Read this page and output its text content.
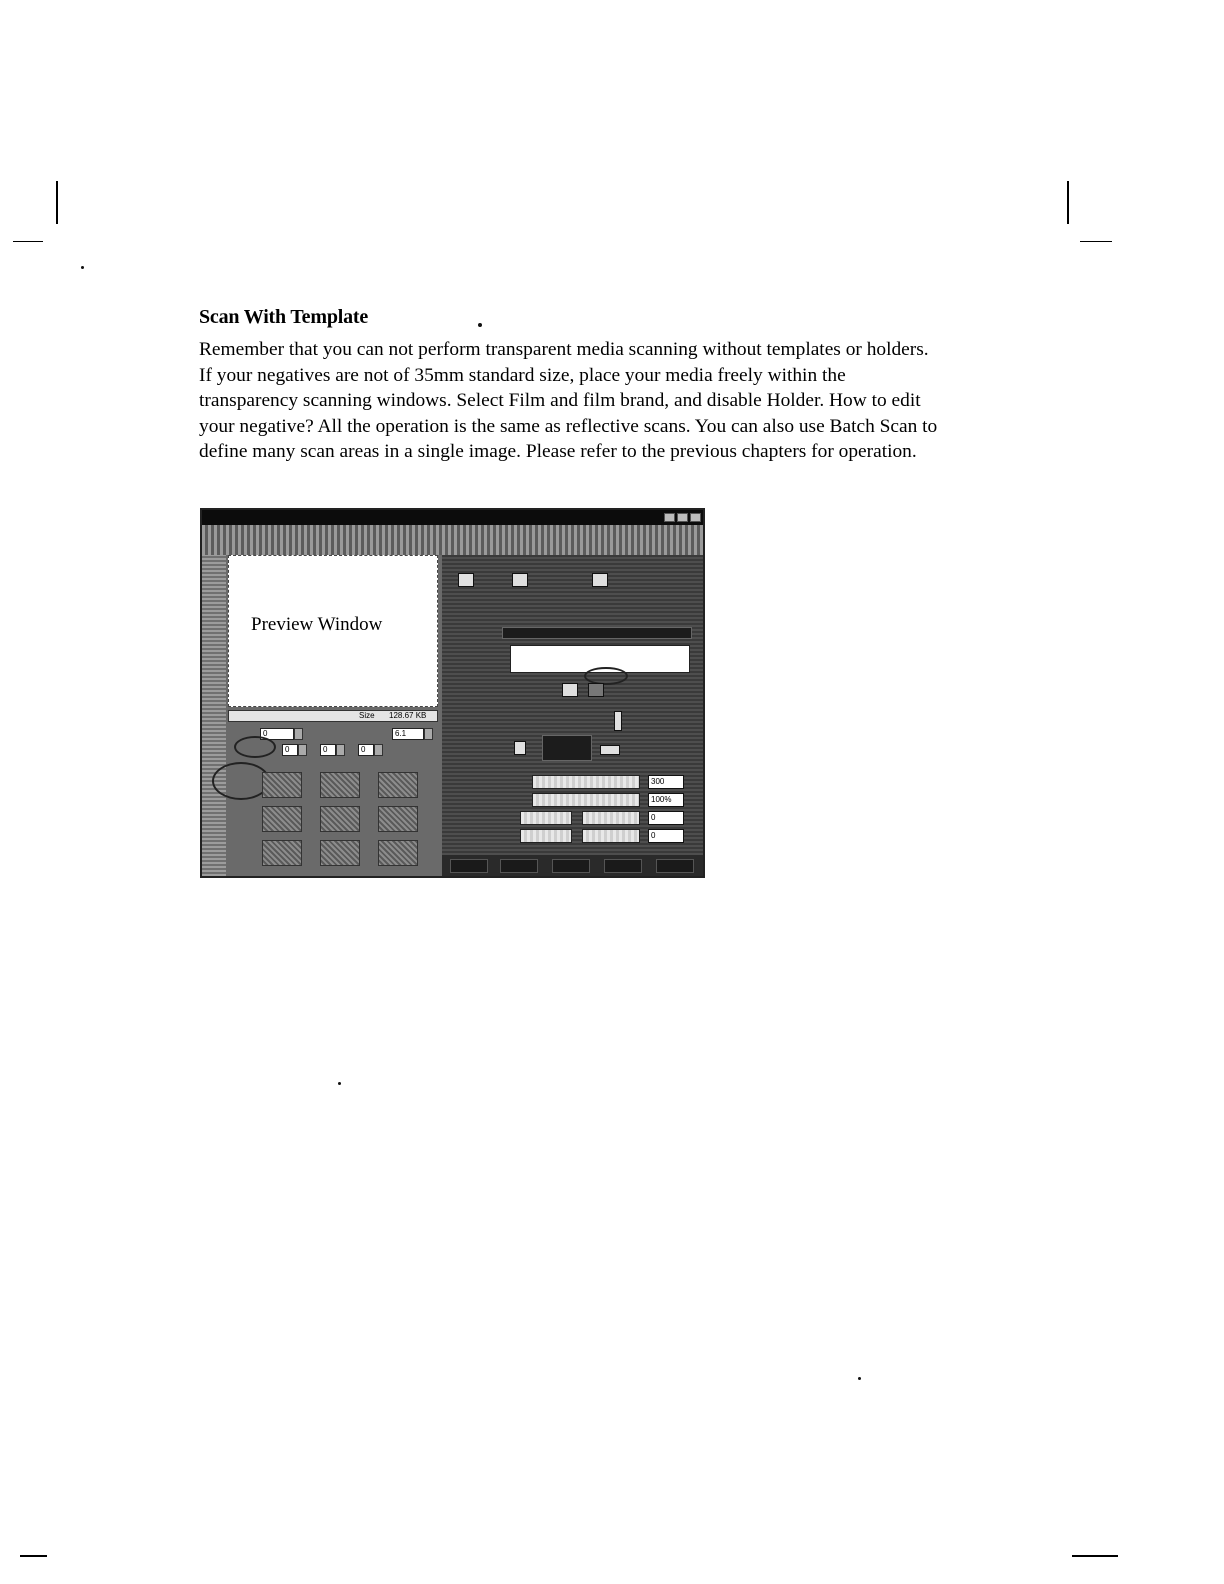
Scan With Template

Remember that you can not perform transparent media scanning without templates or holders. If your negatives are not of 35mm standard size, place your media freely within the transparency scanning windows. Select Film and film brand, and disable Holder. How to edit your negative? All the operation is the same as reflective scans. You can also use Batch Scan to define many scan areas in a single image. Please refer to the previous chapters for operation.

Preview Window
Size 128.67 KB
0	6.1
0	0	0
300
100%
0
0
